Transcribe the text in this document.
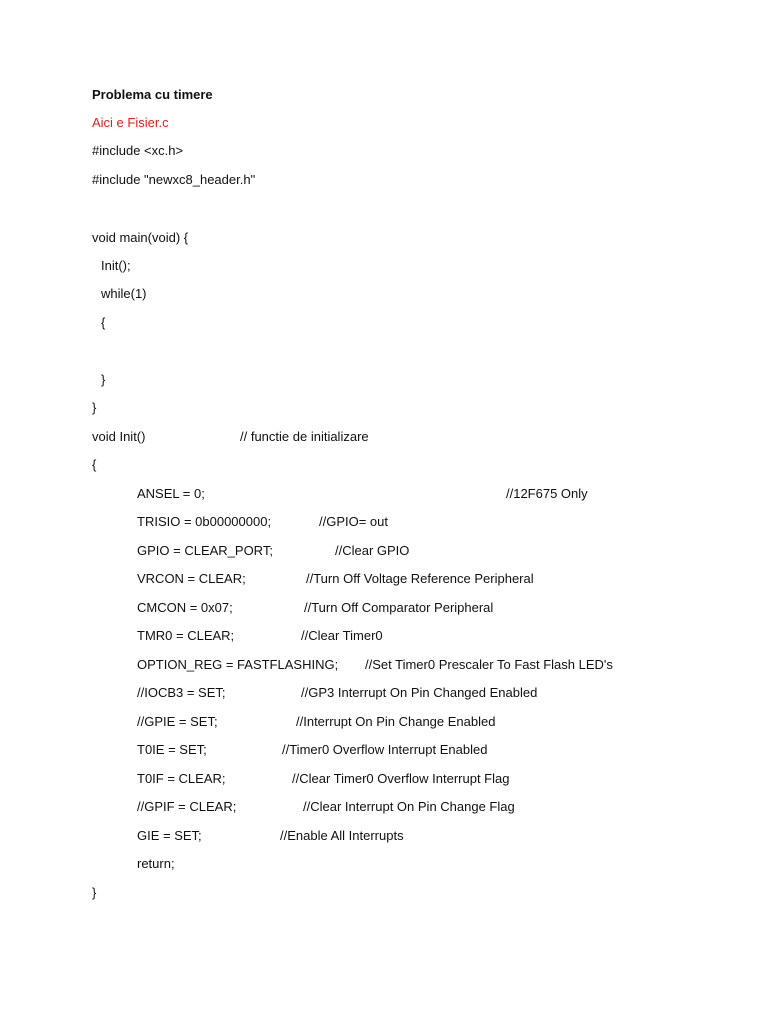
Problema cu timere
Aici e Fisier.c
#include <xc.h>
#include "newxc8_header.h"
void main(void) {
Init();
while(1)
{
}
}
void Init()	// functie de initializare
{
ANSEL = 0;	//12F675 Only
TRISIO = 0b00000000;	//GPIO= out
GPIO = CLEAR_PORT;	//Clear GPIO
VRCON = CLEAR;	//Turn Off Voltage Reference Peripheral
CMCON = 0x07;	//Turn Off Comparator Peripheral
TMR0 = CLEAR;	//Clear Timer0
OPTION_REG = FASTFLASHING; //Set Timer0 Prescaler To Fast Flash LED's
//IOCB3 = SET;	//GP3 Interrupt On Pin Changed Enabled
//GPIE = SET;	//Interrupt On Pin Change Enabled
T0IE = SET;	//Timer0 Overflow Interrupt Enabled
T0IF = CLEAR;	//Clear Timer0 Overflow Interrupt Flag
//GPIF = CLEAR;	//Clear Interrupt On Pin Change Flag
GIE = SET;	//Enable All Interrupts
return;
}
